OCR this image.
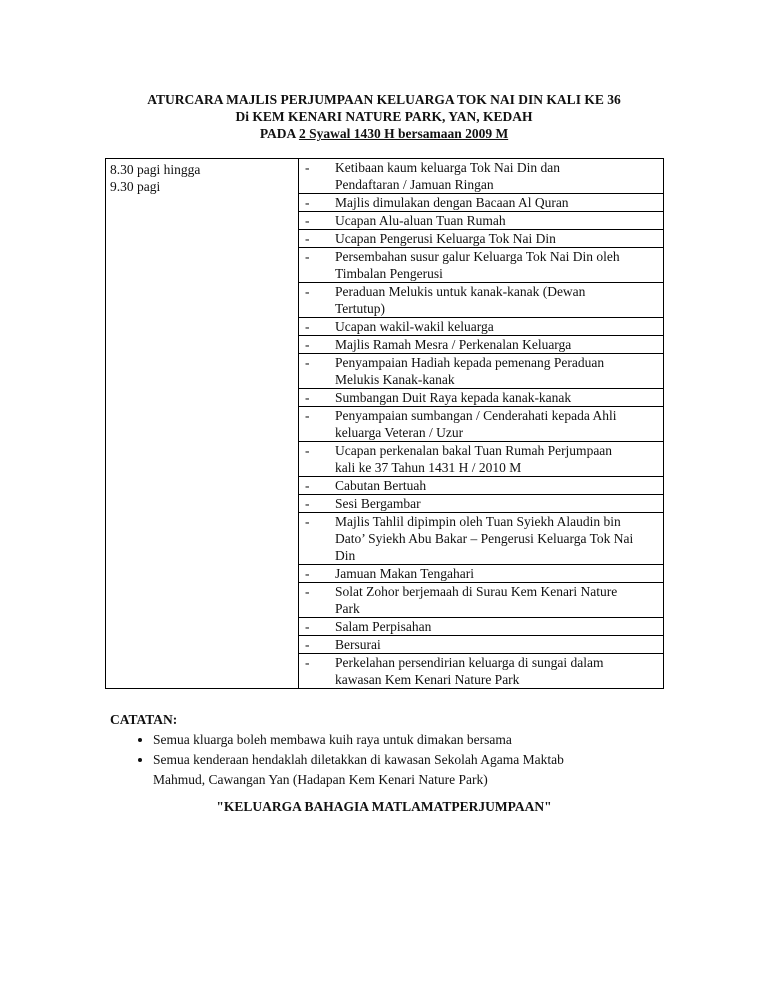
ATURCARA MAJLIS PERJUMPAAN KELUARGA TOK NAI DIN KALI KE 36
Di KEM KENARI NATURE PARK, YAN, KEDAH
PADA 2 Syawal 1430 H bersamaan 2009 M
8.30 pagi hingga
9.30 pagi

-	Ketibaan kaum keluarga Tok Nai Din dan
Pendaftaran / Jamuan Ringan
-	Majlis dimulakan dengan Bacaan Al Quran
-	Ucapan Alu-aluan Tuan Rumah
-	Ucapan Pengerusi Keluarga Tok Nai Din
-	Persembahan susur galur Keluarga Tok Nai Din oleh
Timbalan Pengerusi
-	Peraduan Melukis untuk kanak-kanak (Dewan
Tertutup)
-	Ucapan wakil-wakil keluarga
-	Majlis Ramah Mesra / Perkenalan Keluarga
-	Penyampaian Hadiah kepada pemenang Peraduan
Melukis Kanak-kanak
-	Sumbangan Duit Raya kepada kanak-kanak
-	Penyampaian sumbangan / Cenderahati kepada Ahli
keluarga Veteran / Uzur
-	Ucapan perkenalan bakal Tuan Rumah Perjumpaan
kali ke 37 Tahun 1431 H / 2010 M
-	Cabutan Bertuah
-	Sesi Bergambar
-	Majlis Tahlil dipimpin oleh Tuan Syiekh Alaudin bin
Dato’ Syiekh Abu Bakar – Pengerusi Keluarga Tok Nai
Din
-	Jamuan Makan Tengahari
-	Solat Zohor berjemaah di Surau Kem Kenari Nature
Park
-	Salam Perpisahan
-	Bersurai
-	Perkelahan persendirian keluarga di sungai dalam
kawasan Kem Kenari Nature Park
CATATAN:
• Semua kluarga boleh membawa kuih raya untuk dimakan bersama
• Semua kenderaan hendaklah diletakkan di kawasan Sekolah Agama Maktab
Mahmud, Cawangan Yan (Hadapan Kem Kenari Nature Park)
"KELUARGA BAHAGIA MATLAMATPERJUMPAAN"
